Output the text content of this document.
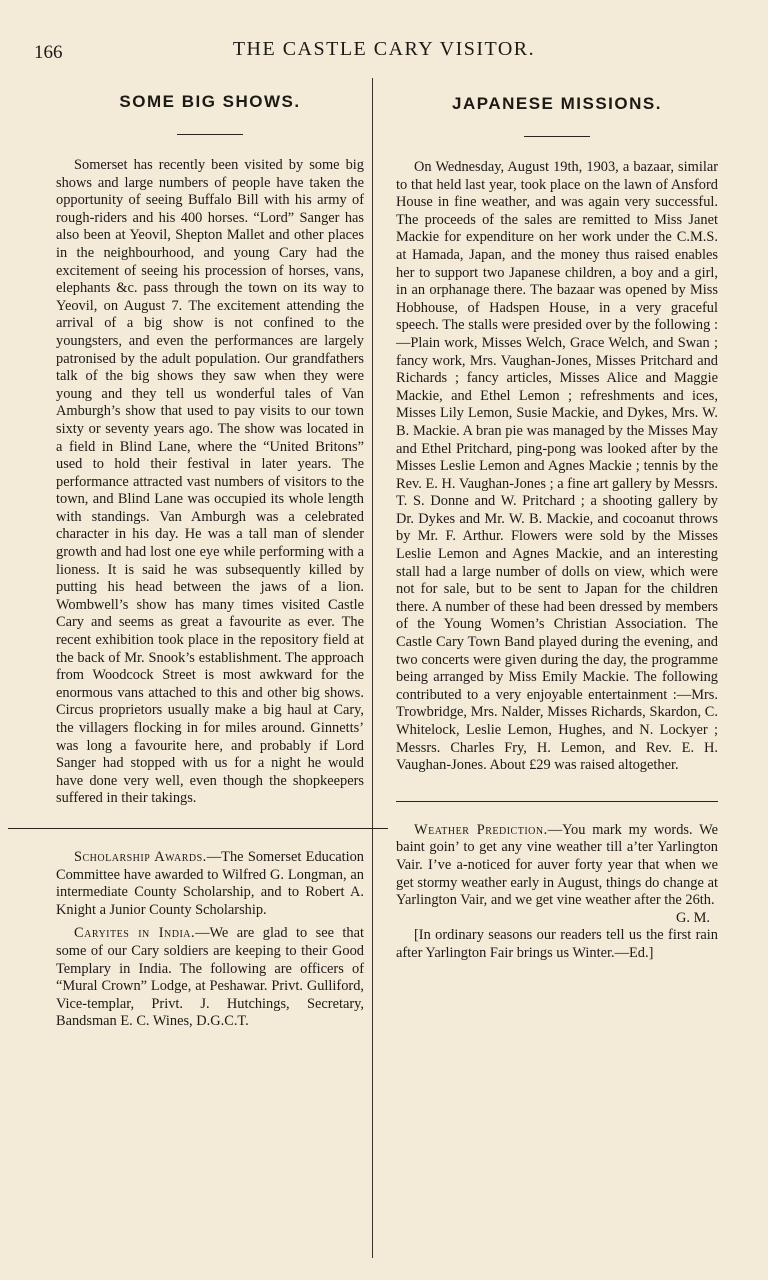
166	THE CASTLE CARY VISITOR.
SOME BIG SHOWS.

Somerset has recently been visited by some big shows and large numbers of people have taken the opportunity of seeing Buffalo Bill with his army of rough-riders and his 400 horses. “Lord” Sanger has also been at Yeovil, Shepton Mallet and other places in the neighbourhood, and young Cary had the excitement of seeing his procession of horses, vans, elephants &c. pass through the town on its way to Yeovil, on August 7. The excitement attending the arrival of a big show is not confined to the youngsters, and even the performances are largely patronised by the adult population. Our grandfathers talk of the big shows they saw when they were young and they tell us wonderful tales of Van Amburgh’s show that used to pay visits to our town sixty or seventy years ago. The show was located in a field in Blind Lane, where the “United Britons” used to hold their festival in later years. The performance attracted vast numbers of visitors to the town, and Blind Lane was occupied its whole length with standings. Van Amburgh was a celebrated character in his day. He was a tall man of slender growth and had lost one eye while performing with a lioness. It is said he was subsequently killed by putting his head between the jaws of a lion. Wombwell’s show has many times visited Castle Cary and seems as great a favourite as ever. The recent exhibition took place in the repository field at the back of Mr. Snook’s establishment. The approach from Woodcock Street is most awkward for the enormous vans attached to this and other big shows. Circus proprietors usually make a big haul at Cary, the villagers flocking in for miles around. Ginnetts’ was long a favourite here, and probably if Lord Sanger had stopped with us for a night he would have done very well, even though the shopkeepers suffered in their takings.

Scholarship Awards.—The Somerset Education Committee have awarded to Wilfred G. Longman, an intermediate County Scholarship, and to Robert A. Knight a Junior County Scholarship.

Caryites in India.—We are glad to see that some of our Cary soldiers are keeping to their Good Templary in India. The following are officers of “Mural Crown” Lodge, at Peshawar. Privt. Gulliford, Vice-templar, Privt. J. Hutchings, Secretary, Bandsman E. C. Wines, D.G.C.T.

JAPANESE MISSIONS.

On Wednesday, August 19th, 1903, a bazaar, similar to that held last year, took place on the lawn of Ansford House in fine weather, and was again very successful. The proceeds of the sales are remitted to Miss Janet Mackie for expenditure on her work under the C.M.S. at Hamada, Japan, and the money thus raised enables her to support two Japanese children, a boy and a girl, in an orphanage there. The bazaar was opened by Miss Hobhouse, of Hadspen House, in a very graceful speech. The stalls were presided over by the following :—Plain work, Misses Welch, Grace Welch, and Swan ; fancy work, Mrs. Vaughan-Jones, Misses Pritchard and Richards ; fancy articles, Misses Alice and Maggie Mackie, and Ethel Lemon ; refreshments and ices, Misses Lily Lemon, Susie Mackie, and Dykes, Mrs. W. B. Mackie. A bran pie was managed by the Misses May and Ethel Pritchard, ping-pong was looked after by the Misses Leslie Lemon and Agnes Mackie ; tennis by the Rev. E. H. Vaughan-Jones ; a fine art gallery by Messrs. T. S. Donne and W. Pritchard ; a shooting gallery by Dr. Dykes and Mr. W. B. Mackie, and cocoanut throws by Mr. F. Arthur. Flowers were sold by the Misses Leslie Lemon and Agnes Mackie, and an interesting stall had a large number of dolls on view, which were not for sale, but to be sent to Japan for the children there. A number of these had been dressed by members of the Young Women’s Christian Association. The Castle Cary Town Band played during the evening, and two concerts were given during the day, the programme being arranged by Miss Emily Mackie. The following contributed to a very enjoyable entertainment :—Mrs. Trowbridge, Mrs. Nalder, Misses Richards, Skardon, C. Whitelock, Leslie Lemon, Hughes, and N. Lockyer ; Messrs. Charles Fry, H. Lemon, and Rev. E. H. Vaughan-Jones. About £29 was raised altogether.

Weather Prediction.—You mark my words. We baint goin’ to get any vine weather till a’ter Yarlington Vair. I’ve a-noticed for auver forty year that when we get stormy weather early in August, things do change at Yarlington Vair, and we get vine weather after the 26th.
G. M.

[In ordinary seasons our readers tell us the first rain after Yarlington Fair brings us Winter.—Ed.]
